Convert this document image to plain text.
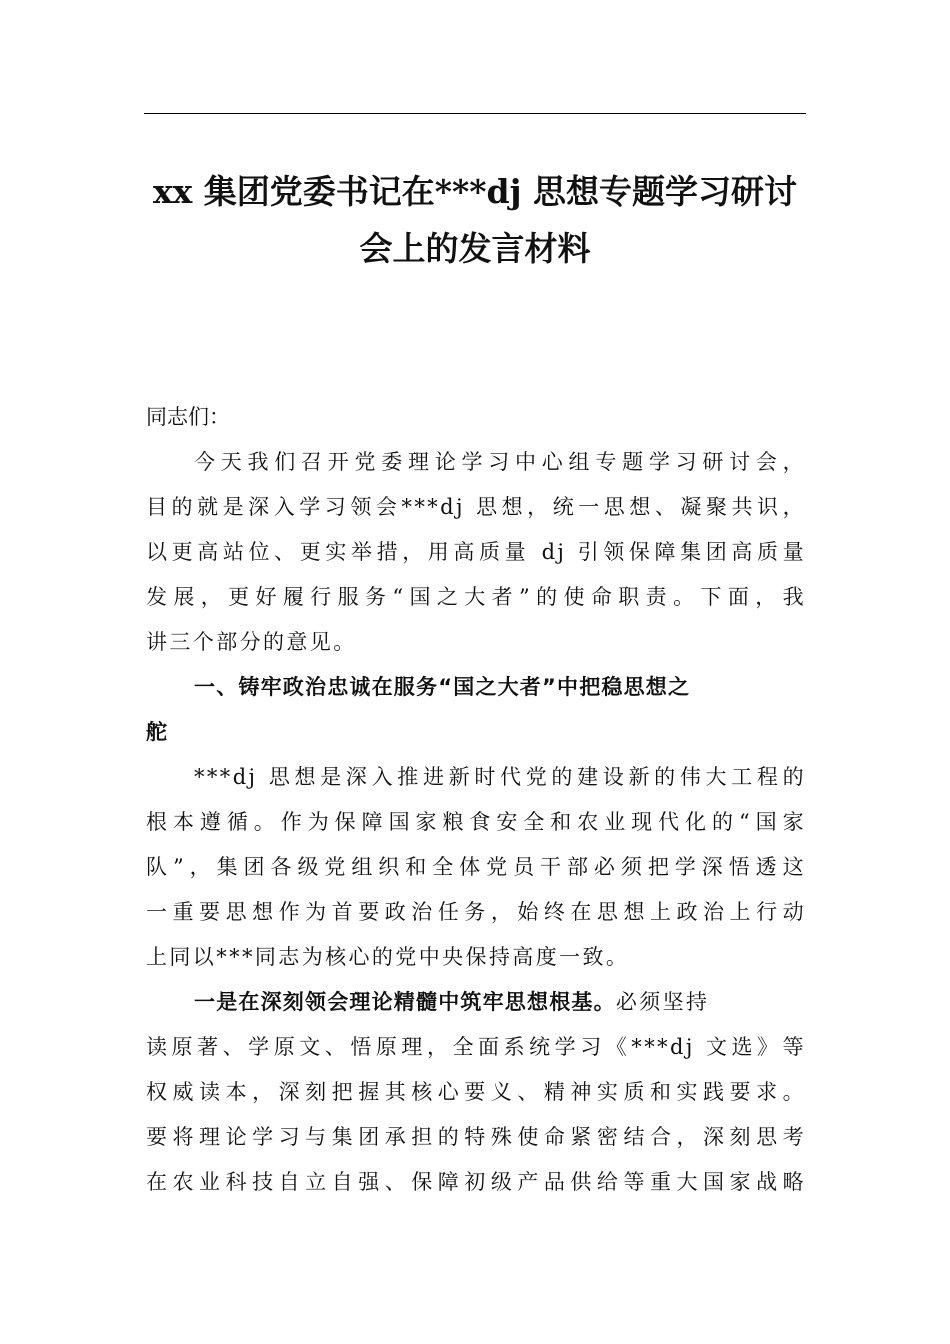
xx 集团党委书记在***dj 思想专题学习研讨
会上的发言材料

同志们：

今天我们召开党委理论学习中心组专题学习研讨会，
目的就是深入学习领会***dj 思想，统一思想、凝聚共识，
以更高站位、更实举措，用高质量 dj 引领保障集团高质量
发展，更好履行服务“国之大者”的使命职责。下面，我
讲三个部分的意见。
一、铸牢政治忠诚在服务“国之大者”中把稳思想之
舵
***dj 思想是深入推进新时代党的建设新的伟大工程的
根本遵循。作为保障国家粮食安全和农业现代化的“国家
队”，集团各级党组织和全体党员干部必须把学深悟透这
一重要思想作为首要政治任务，始终在思想上政治上行动
上同以***同志为核心的党中央保持高度一致。
一是在深刻领会理论精髓中筑牢思想根基。必须坚持
读原著、学原文、悟原理，全面系统学习《***dj 文选》等
权威读本，深刻把握其核心要义、精神实质和实践要求。
要将理论学习与集团承担的特殊使命紧密结合，深刻思考
在农业科技自立自强、保障初级产品供给等重大国家战略
